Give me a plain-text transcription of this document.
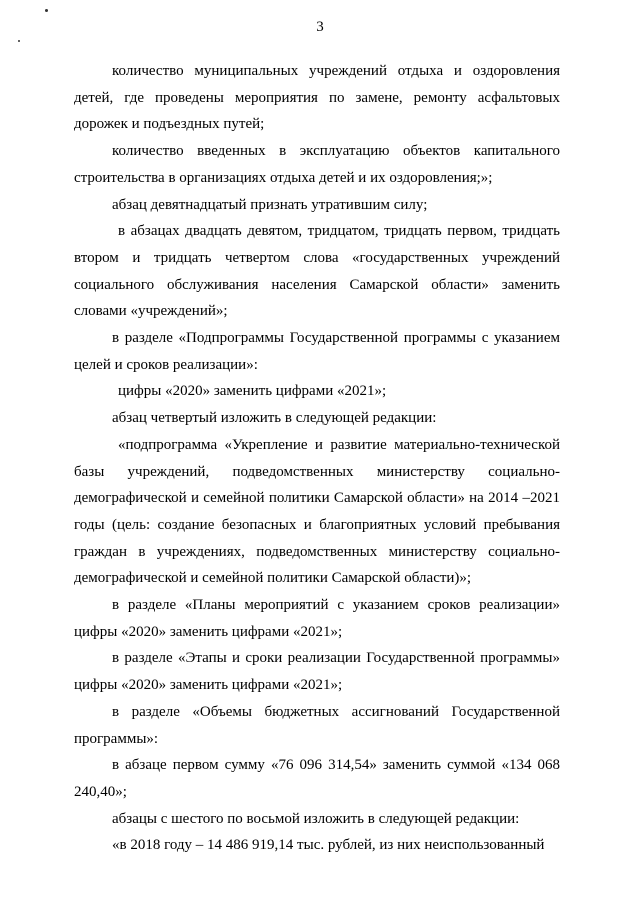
3

количество муниципальных учреждений отдыха и оздоровления детей, где проведены мероприятия по замене, ремонту асфальтовых дорожек и подъездных путей;

количество введенных в эксплуатацию объектов капитального строительства в организациях отдыха детей и их оздоровления;»;

абзац девятнадцатый признать утратившим силу;

в абзацах двадцать девятом, тридцатом, тридцать первом, тридцать втором и тридцать четвертом слова «государственных учреждений социального обслуживания населения Самарской области» заменить словами «учреждений»;

в разделе «Подпрограммы Государственной программы с указанием целей и сроков реализации»:

цифры «2020» заменить цифрами «2021»;

абзац четвертый изложить в следующей редакции:

«подпрограмма «Укрепление и развитие материально-технической базы учреждений, подведомственных министерству социально-демографической и семейной политики Самарской области» на 2014 –2021 годы (цель: создание безопасных и благоприятных условий пребывания граждан в учреждениях, подведомственных министерству социально-демографической и семейной политики Самарской области)»;

в разделе «Планы мероприятий с указанием сроков реализации» цифры «2020» заменить цифрами «2021»;

в разделе «Этапы и сроки реализации Государственной программы» цифры «2020» заменить цифрами «2021»;

в разделе «Объемы бюджетных ассигнований Государственной программы»:

в абзаце первом сумму «76 096 314,54» заменить суммой «134 068 240,40»;

абзацы с шестого по восьмой изложить в следующей редакции:

«в 2018 году – 14 486 919,14 тыс. рублей, из них неиспользованный
